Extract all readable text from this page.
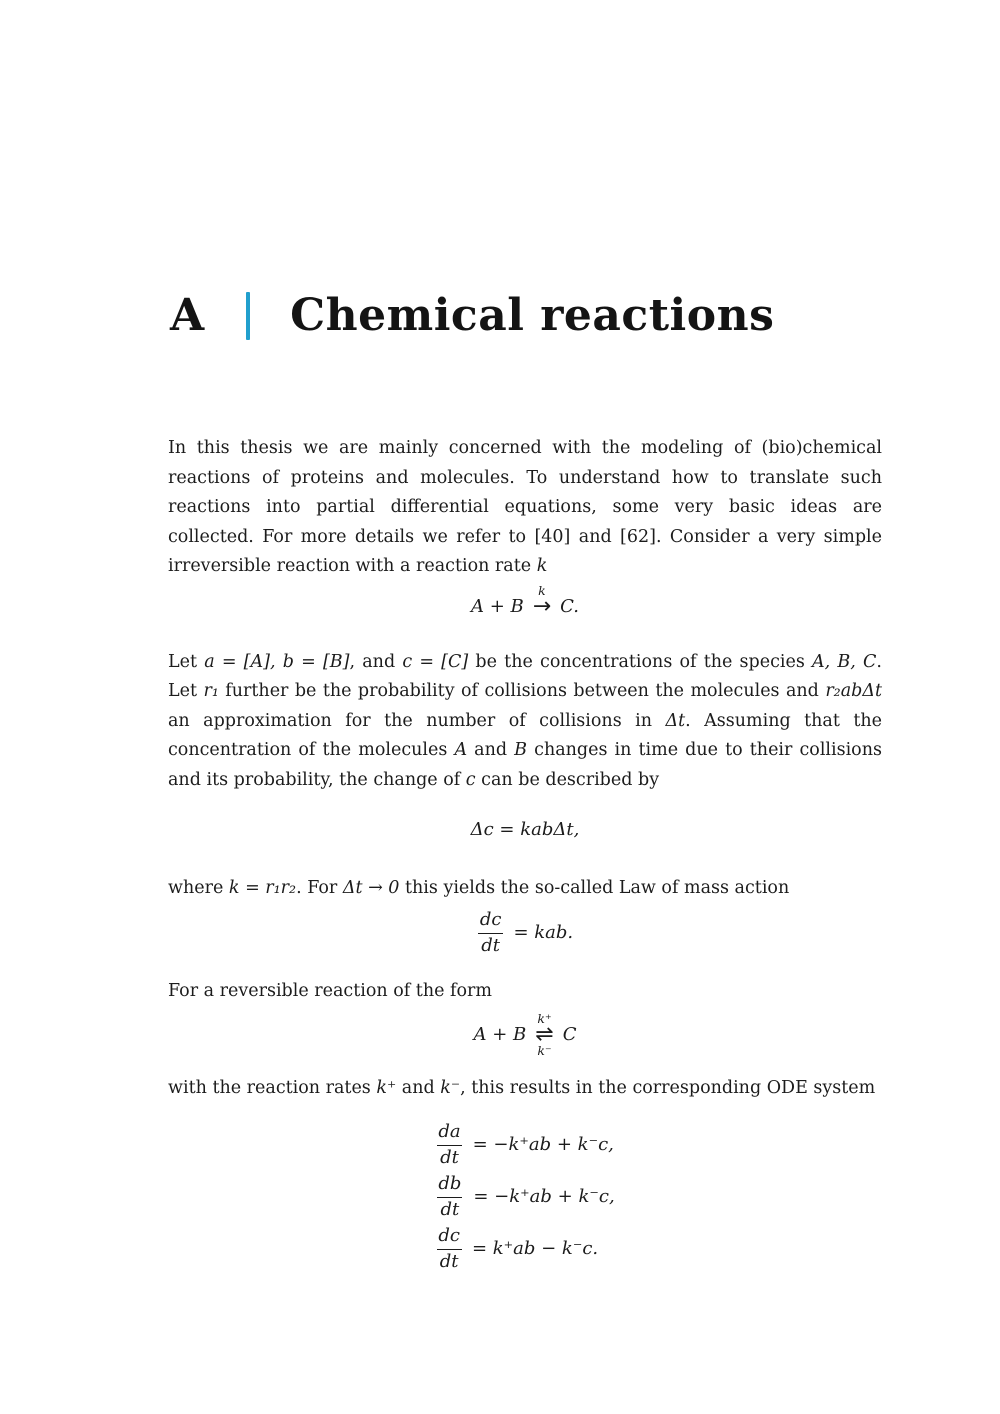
A Chemical reactions

In this thesis we are mainly concerned with the modeling of (bio)chemical reactions of proteins and molecules. To understand how to translate such reactions into partial differential equations, some very basic ideas are collected. For more details we refer to [40] and [62]. Consider a very simple irreversible reaction with a reaction rate k

A + B
k
→ C.

Let a = [A], b = [B], and c = [C] be the concentrations of the species A, B, C. Let r₁ further be the probability of collisions between the molecules and r₂abΔt an approximation for the number of collisions in Δt. Assuming that the concentration of the molecules A and B changes in time due to their collisions and its probability, the change of c can be described by

Δc = kabΔt,

where k = r₁r₂. For Δt → 0 this yields the so-called Law of mass action

$\frac{dc}{dt}$ = kab.

For a reversible reaction of the form

A + B
k⁺
⇌
k⁻
C

with the reaction rates k⁺ and k⁻, this results in the corresponding ODE system

$\frac{da}{dt} = -k^+ab + k^-c$,
$\frac{db}{dt} = -k^+ab + k^-c$,
$\frac{dc}{dt} = k^+ab - k^-c$.
